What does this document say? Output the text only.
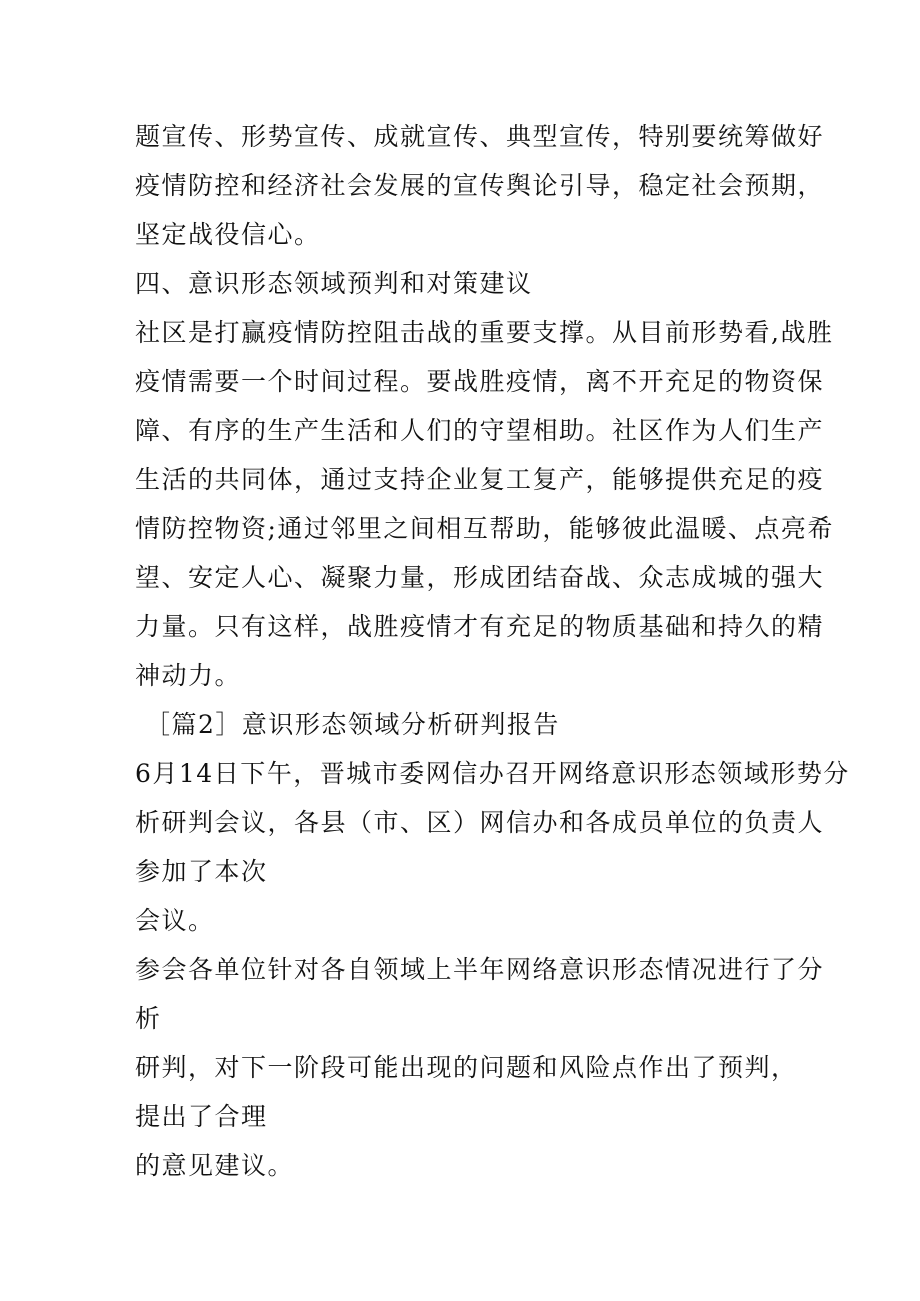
题宣传、形势宣传、成就宣传、典型宣传，特别要统筹做好
疫情防控和经济社会发展的宣传舆论引导，稳定社会预期，
坚定战役信心。
四、意识形态领域预判和对策建议
社区是打赢疫情防控阻击战的重要支撑。从目前形势看,战胜
疫情需要一个时间过程。要战胜疫情，离不开充足的物资保
障、有序的生产生活和人们的守望相助。社区作为人们生产
生活的共同体，通过支持企业复工复产，能够提供充足的疫
情防控物资;通过邻里之间相互帮助，能够彼此温暖、点亮希
望、安定人心、凝聚力量，形成团结奋战、众志成城的强大
力量。只有这样，战胜疫情才有充足的物质基础和持久的精
神动力。
［篇2］意识形态领域分析研判报告
6月14日下午，晋城市委网信办召开网络意识形态领域形势分
析研判会议，各县（市、区）网信办和各成员单位的负责人
参加了本次
会议。
参会各单位针对各自领域上半年网络意识形态情况进行了分
析
研判，对下一阶段可能出现的问题和风险点作出了预判，
提出了合理
的意见建议。
